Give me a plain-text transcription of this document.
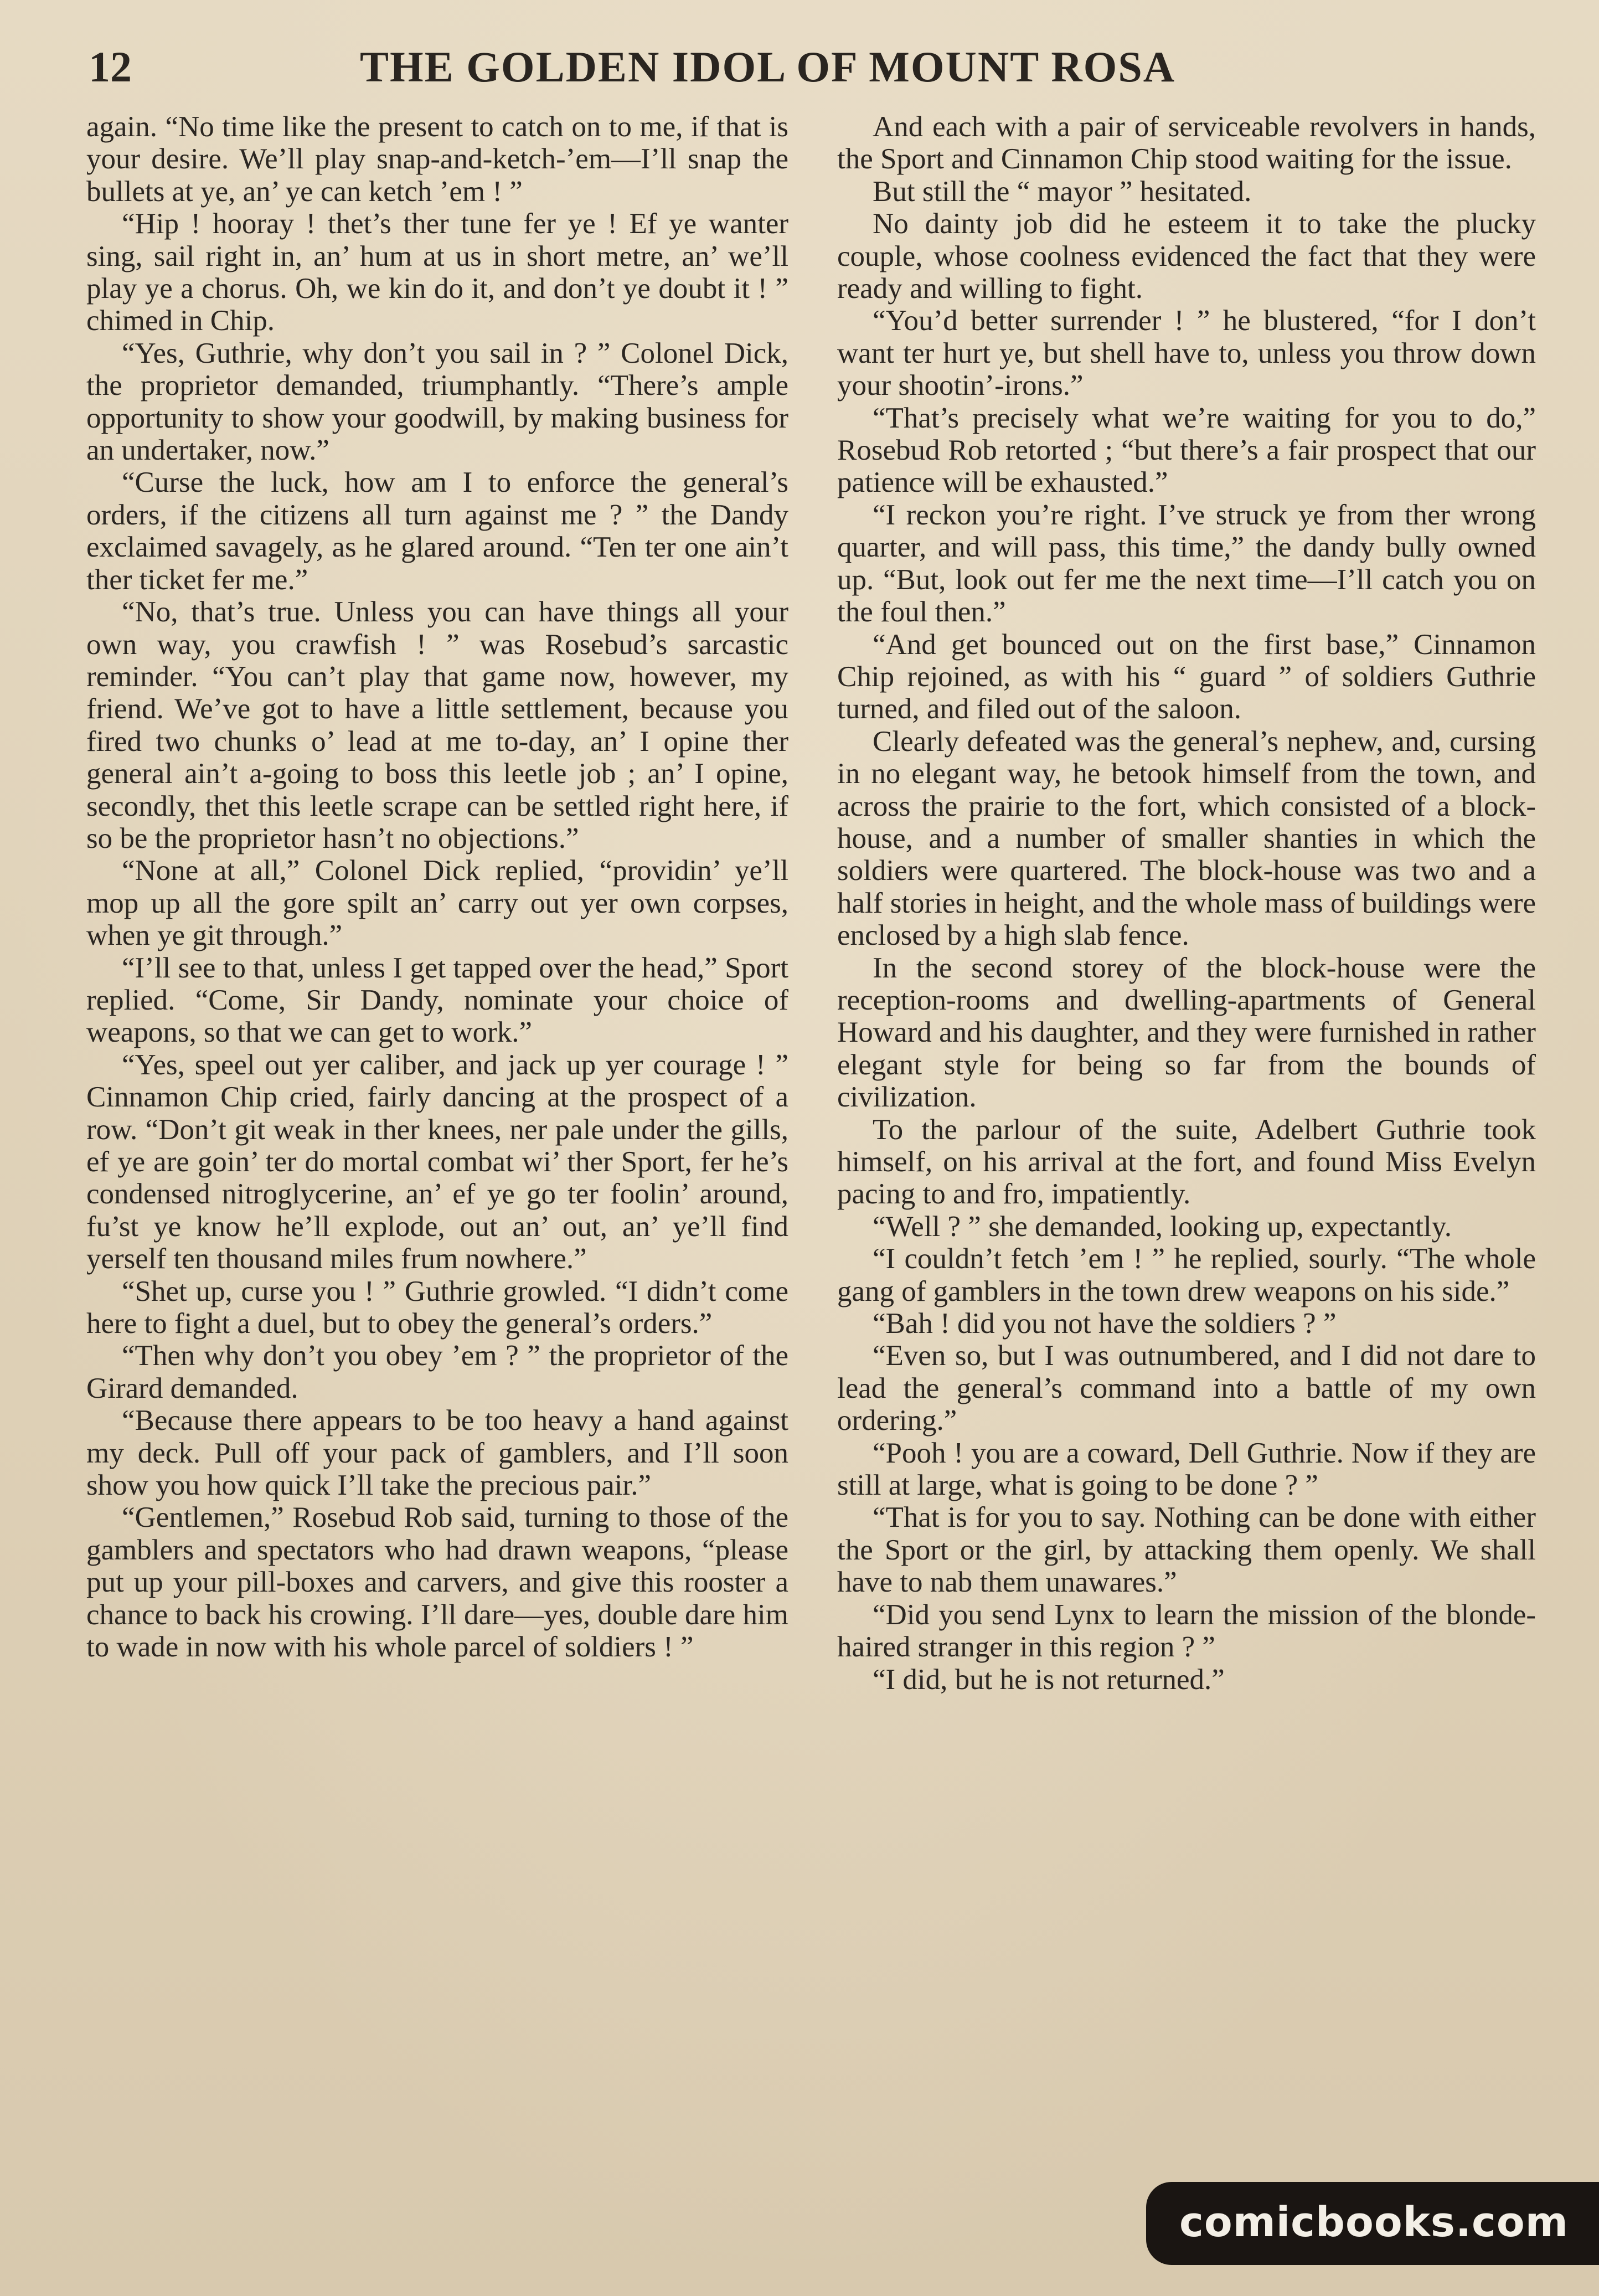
12	THE GOLDEN IDOL OF MOUNT ROSA

again. “No time like the present to catch on to me, if that is your desire. We’ll play snap-and-ketch-’em—I’ll snap the bullets at ye, an’ ye can ketch ’em ! ”

“Hip ! hooray ! thet’s ther tune fer ye ! Ef ye wanter sing, sail right in, an’ hum at us in short metre, an’ we’ll play ye a chorus. Oh, we kin do it, and don’t ye doubt it ! ” chimed in Chip.

“Yes, Guthrie, why don’t you sail in ? ” Colonel Dick, the proprietor demanded, triumphantly. “There’s ample opportunity to show your goodwill, by making business for an undertaker, now.”

“Curse the luck, how am I to enforce the general’s orders, if the citizens all turn against me ? ” the Dandy exclaimed savagely, as he glared around. “Ten ter one ain’t ther ticket fer me.”

“No, that’s true. Unless you can have things all your own way, you crawfish ! ” was Rosebud’s sarcastic reminder. “You can’t play that game now, however, my friend. We’ve got to have a little settlement, because you fired two chunks o’ lead at me to-day, an’ I opine ther general ain’t a-going to boss this leetle job ; an’ I opine, secondly, thet this leetle scrape can be settled right here, if so be the proprietor hasn’t no objections.”

“None at all,” Colonel Dick replied, “providin’ ye’ll mop up all the gore spilt an’ carry out yer own corpses, when ye git through.”

“I’ll see to that, unless I get tapped over the head,” Sport replied. “Come, Sir Dandy, nominate your choice of weapons, so that we can get to work.”

“Yes, speel out yer caliber, and jack up yer courage ! ” Cinnamon Chip cried, fairly dancing at the prospect of a row. “Don’t git weak in ther knees, ner pale under the gills, ef ye are goin’ ter do mortal combat wi’ ther Sport, fer he’s condensed nitroglycerine, an’ ef ye go ter foolin’ around, fu’st ye know he’ll explode, out an’ out, an’ ye’ll find yerself ten thousand miles frum nowhere.”

“Shet up, curse you ! ” Guthrie growled. “I didn’t come here to fight a duel, but to obey the general’s orders.”

“Then why don’t you obey ’em ? ” the proprietor of the Girard demanded.

“Because there appears to be too heavy a hand against my deck. Pull off your pack of gamblers, and I’ll soon show you how quick I’ll take the precious pair.”

“Gentlemen,” Rosebud Rob said, turning to those of the gamblers and spectators who had drawn weapons, “please put up your pill-boxes and carvers, and give this rooster a chance to back his crowing. I’ll dare—yes, double dare him to wade in now with his whole parcel of soldiers ! ”

And each with a pair of serviceable revolvers in hands, the Sport and Cinnamon Chip stood waiting for the issue.

But still the “ mayor ” hesitated.

No dainty job did he esteem it to take the plucky couple, whose coolness evidenced the fact that they were ready and willing to fight.

“You’d better surrender ! ” he blustered, “for I don’t want ter hurt ye, but shell have to, unless you throw down your shootin’-irons.”

“That’s precisely what we’re waiting for you to do,” Rosebud Rob retorted ; “but there’s a fair prospect that our patience will be exhausted.”

“I reckon you’re right. I’ve struck ye from ther wrong quarter, and will pass, this time,” the dandy bully owned up. “But, look out fer me the next time—I’ll catch you on the foul then.”

“And get bounced out on the first base,” Cinnamon Chip rejoined, as with his “ guard ” of soldiers Guthrie turned, and filed out of the saloon.

Clearly defeated was the general’s nephew, and, cursing in no elegant way, he betook himself from the town, and across the prairie to the fort, which consisted of a block-house, and a number of smaller shanties in which the soldiers were quartered. The block-house was two and a half stories in height, and the whole mass of buildings were enclosed by a high slab fence.

In the second storey of the block-house were the reception-rooms and dwelling-apartments of General Howard and his daughter, and they were furnished in rather elegant style for being so far from the bounds of civilization.

To the parlour of the suite, Adelbert Guthrie took himself, on his arrival at the fort, and found Miss Evelyn pacing to and fro, impatiently.

“Well ? ” she demanded, looking up, expectantly.

“I couldn’t fetch ’em ! ” he replied, sourly. “The whole gang of gamblers in the town drew weapons on his side.”

“Bah ! did you not have the soldiers ? ”

“Even so, but I was outnumbered, and I did not dare to lead the general’s command into a battle of my own ordering.”

“Pooh ! you are a coward, Dell Guthrie. Now if they are still at large, what is going to be done ? ”

“That is for you to say. Nothing can be done with either the Sport or the girl, by attacking them openly. We shall have to nab them unawares.”

“Did you send Lynx to learn the mission of the blonde-haired stranger in this region ? ”

“I did, but he is not returned.”

comicbooks.com
